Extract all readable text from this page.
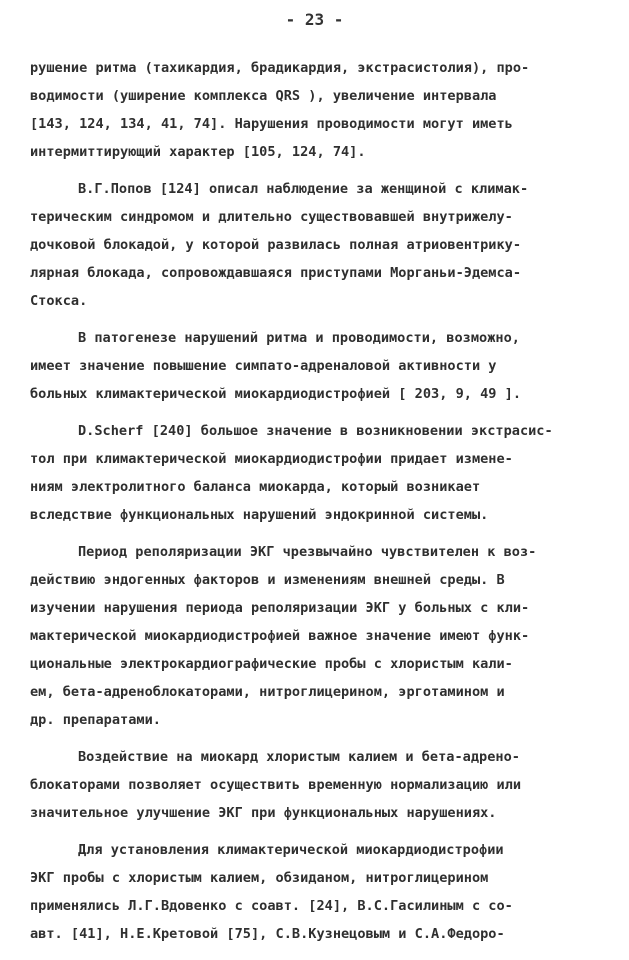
- 23 -
рушение ритма (тахикардия, брадикардия, экстрасистолия), про-
водимости (уширение комплекса QRS ), увеличение интервала
[143, 124, 134, 41, 74]. Нарушения проводимости могут иметь
интермиттирующий характер [105, 124, 74].
В.Г.Попов [124] описал наблюдение за женщиной с климак-
терическим синдромом и длительно существовавшей внутрижелу-
дочковой блокадой, у которой развилась полная атриовентрику-
лярная блокада, сопровождавшаяся приступами Морганьи-Эдемса-
Стокса.
В патогенезе нарушений ритма и проводимости, возможно,
имеет значение повышение симпато-адреналовой активности у
больных климактерической миокардиодистрофией [ 203, 9, 49 ].
D.Scherf [240] большое значение в возникновении экстрасис-
тол при климактерической миокардиодистрофии придает измене-
ниям электролитного баланса миокарда, который возникает
вследствие функциональных нарушений эндокринной системы.
Период реполяризации ЭКГ чрезвычайно чувствителен к воз-
действию эндогенных факторов и изменениям внешней среды. В
изучении нарушения периода реполяризации ЭКГ у больных с кли-
мактерической миокардиодистрофией важное значение имеют функ-
циональные электрокардиографические пробы с хлористым кали-
ем, бета-адреноблокаторами, нитроглицерином, эрготамином и
др. препаратами.
Воздействие на миокард хлористым калием и бета-адрено-
блокаторами позволяет осуществить временную нормализацию или
значительное улучшение ЭКГ при функциональных нарушениях.
Для установления климактерической миокардиодистрофии
ЭКГ пробы с хлористым калием, обзиданом, нитроглицерином
применялись Л.Г.Вдовенко с соавт. [24], В.С.Гасилиным с со-
авт. [41], Н.Е.Кретовой [75], С.В.Кузнецовым и С.А.Федоро-
